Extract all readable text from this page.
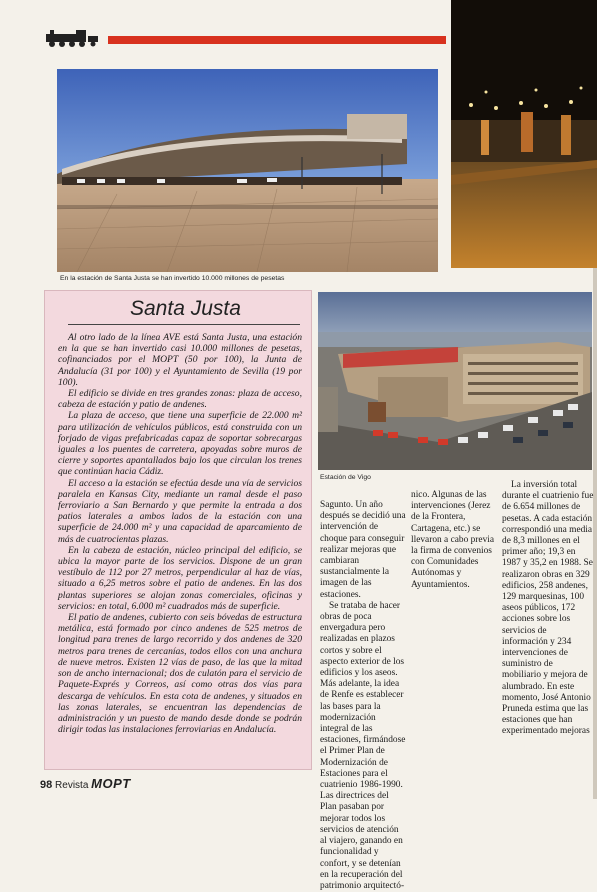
En la estación de Santa Justa se han invertido 10.000 millones de pesetas
Estación de Vigo
Santa Justa

Al otro lado de la línea AVE está Santa Justa, una estación en la que se han invertido casi 10.000 millones de pesetas, cofinanciados por el MOPT (50 por 100), la Junta de Andalucía (31 por 100) y el Ayuntamiento de Sevilla (19 por 100).

El edificio se divide en tres grandes zonas: plaza de acceso, cabeza de estación y patio de andenes.

La plaza de acceso, que tiene una superficie de 22.000 m² para utilización de vehículos públicos, está construida con un forjado de vigas prefabricadas capaz de soportar sobrecargas iguales a los puentes de carretera, apoyadas sobre muros de cierre y soportes apantallados bajo los que circulan los trenes que continúan hacia Cádiz.

El acceso a la estación se efectúa desde una vía de servicios paralela en Kansas City, mediante un ramal desde el paso ferroviario a San Bernardo y que permite la entrada a dos patios laterales a ambos lados de la estación con una superficie de 24.000 m² y una capacidad de aparcamiento de más de cuatrocientas plazas.

En la cabeza de estación, núcleo principal del edificio, se ubica la mayor parte de los servicios. Dispone de un gran vestíbulo de 112 por 27 metros, perpendicular al haz de vías, situado a 6,25 metros sobre el patio de andenes. En las dos plantas superiores se alojan zonas comerciales, oficinas y servicios: en total, 6.000 m² cuadrados más de superficie.

El patio de andenes, cubierto con seis bóvedas de estructura metálica, está formado por cinco andenes de 525 metros de longitud para trenes de largo recorrido y dos andenes de 320 metros para trenes de cercanías, todos ellos con una anchura de nueve metros. Existen 12 vías de paso, de las que la mitad son de ancho internacional; dos de culatón para el servicio de Paquete-Exprés y Correos, así como otras dos vías para descarga de vehículos. En esta cota de andenes, y situados en las zonas laterales, se encuentran las dependencias de administración y un puesto de mando desde donde se podrán dirigir todas las instalaciones ferroviarias en Andalucía.

Sagunto. Un año después se decidió una intervención de choque para conseguir realizar mejoras que cambiaran sustancialmente la imagen de las estaciones.

Se trataba de hacer obras de poca envergadura pero realizadas en plazos cortos y sobre el aspecto exterior de los edificios y los aseos. Más adelante, la idea de Renfe es establecer las bases para la modernización integral de las estaciones, firmándose el Primer Plan de Modernización de Estaciones para el cuatrienio 1986-1990. Las directrices del Plan pasaban por mejorar todos los servicios de atención al viajero, ganando en funcionalidad y confort, y se detenían en la recuperación del patrimonio arquitectó-

nico. Algunas de las intervenciones (Jerez de la Frontera, Cartagena, etc.) se llevaron a cabo previa la firma de convenios con Comunidades Autónomas y Ayuntamientos.

La inversión total durante el cuatrienio fue de 6.654 millones de pesetas. A cada estación correspondió una media de 8,3 millones en el primer año; 19,3 en 1987 y 35,2 en 1988. Se realizaron obras en 329 edificios, 258 andenes, 129 marquesinas, 100 aseos públicos, 172 acciones sobre los servicios de información y 234 intervenciones de suministro de mobiliario y mejora de alumbrado. En este momento, José Antonio Pruneda estima que las estaciones que han experimentado mejoras

98 Revista MOPT
